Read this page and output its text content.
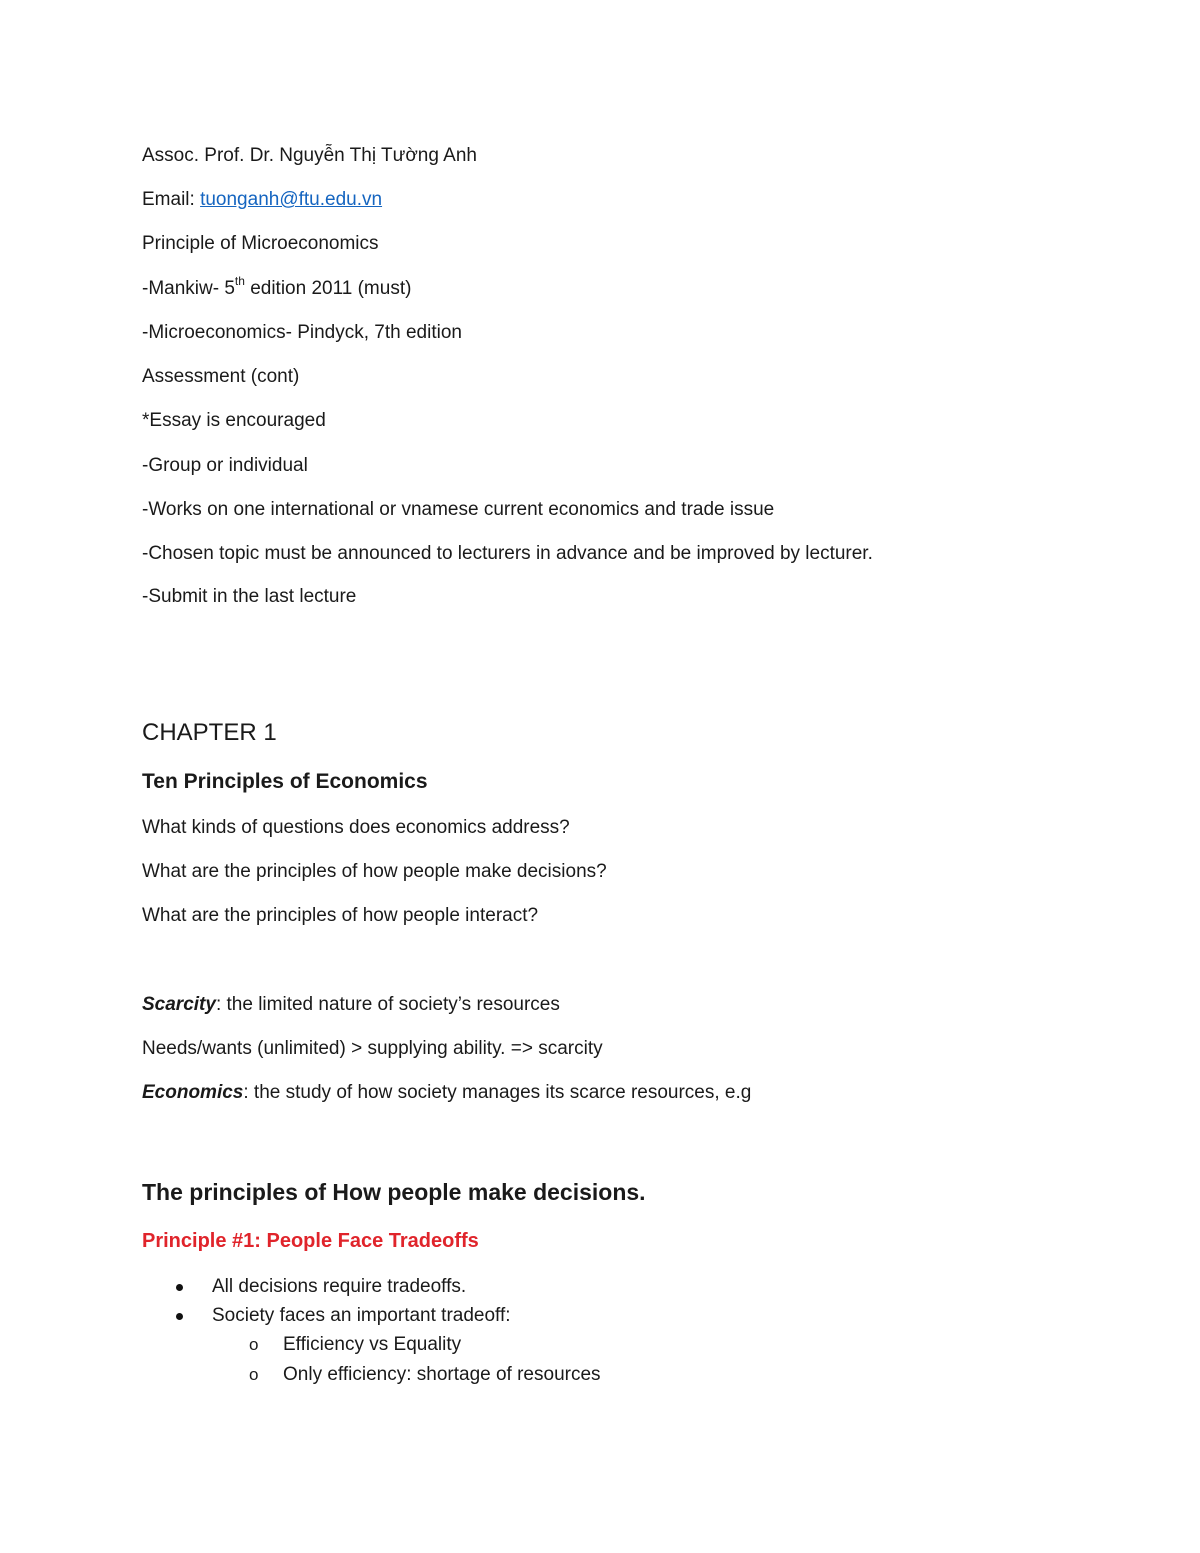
Assoc. Prof. Dr. Nguyễn Thị Tường Anh
Email: tuonganh@ftu.edu.vn
Principle of Microeconomics
-Mankiw- 5th edition 2011 (must)
-Microeconomics- Pindyck, 7th edition
Assessment (cont)
*Essay is encouraged
-Group or individual
-Works on one international or vnamese current economics and trade issue
-Chosen topic must be announced to lecturers in advance and be improved by lecturer.
-Submit in the last lecture
CHAPTER 1
Ten Principles of Economics
What kinds of questions does economics address?
What are the principles of how people make decisions?
What are the principles of how people interact?
Scarcity: the limited nature of society’s resources
Needs/wants (unlimited) > supplying ability. => scarcity
Economics: the study of how society manages its scarce resources, e.g
The principles of How people make decisions.
Principle #1: People Face Tradeoffs
All decisions require tradeoffs.
Society faces an important tradeoff:
o Efficiency vs Equality
o Only efficiency: shortage of resources
